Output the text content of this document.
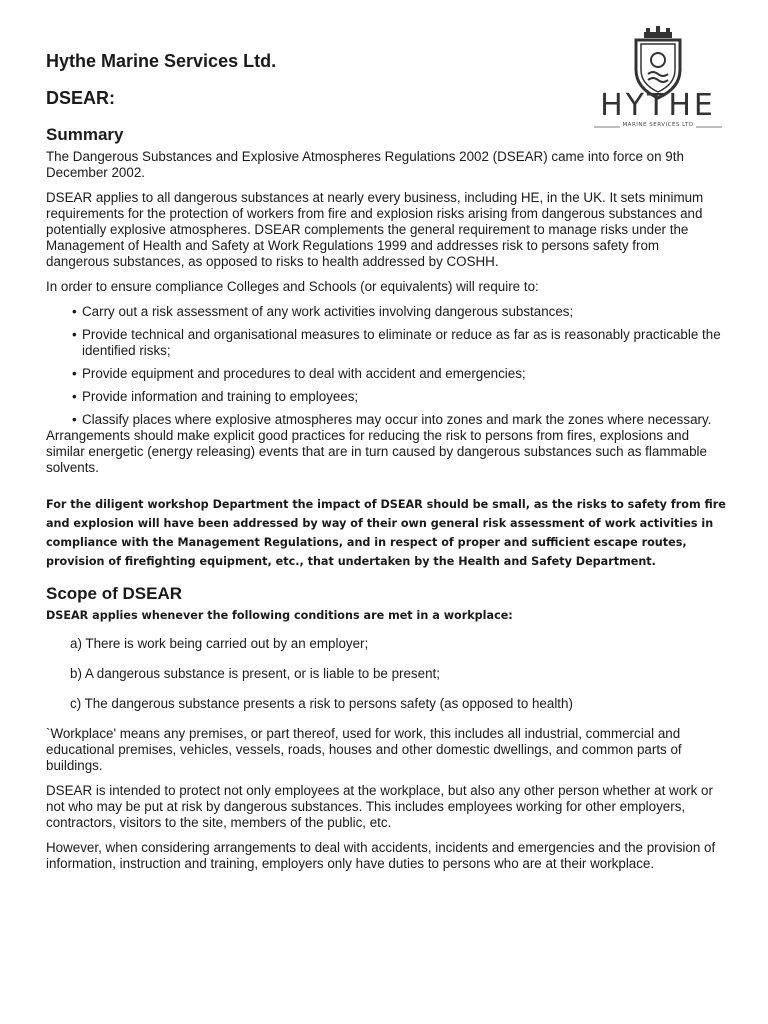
Hythe Marine Services Ltd.
DSEAR:	HYTHE
MARINE SERVICES LTD
Summary

The Dangerous Substances and Explosive Atmospheres Regulations 2002 (DSEAR) came into force on 9th December 2002.

DSEAR applies to all dangerous substances at nearly every business, including HE, in the UK. It sets minimum requirements for the protection of workers from fire and explosion risks arising from dangerous substances and potentially explosive atmospheres. DSEAR complements the general requirement to manage risks under the Management of Health and Safety at Work Regulations 1999 and addresses risk to persons safety from dangerous substances, as opposed to risks to health addressed by COSHH.

In order to ensure compliance Colleges and Schools (or equivalents) will require to:

• Carry out a risk assessment of any work activities involving dangerous substances;
• Provide technical and organisational measures to eliminate or reduce as far as is reasonably practicable the identified risks;
• Provide equipment and procedures to deal with accident and emergencies;
• Provide information and training to employees;
• Classify places where explosive atmospheres may occur into zones and mark the zones where necessary.

Arrangements should make explicit good practices for reducing the risk to persons from fires, explosions and similar energetic (energy releasing) events that are in turn caused by dangerous substances such as flammable solvents.

For the diligent workshop Department the impact of DSEAR should be small, as the risks to safety from fire and explosion will have been addressed by way of their own general risk assessment of work activities in compliance with the Management Regulations, and in respect of proper and sufficient escape routes, provision of firefighting equipment, etc., that undertaken by the Health and Safety Department.

Scope of DSEAR

DSEAR applies whenever the following conditions are met in a workplace:

a) There is work being carried out by an employer;
b) A dangerous substance is present, or is liable to be present;
c) The dangerous substance presents a risk to persons safety (as opposed to health)

`Workplace' means any premises, or part thereof, used for work, this includes all industrial, commercial and educational premises, vehicles, vessels, roads, houses and other domestic dwellings, and common parts of buildings.

DSEAR is intended to protect not only employees at the workplace, but also any other person whether at work or not who may be put at risk by dangerous substances. This includes employees working for other employers, contractors, visitors to the site, members of the public, etc.

However, when considering arrangements to deal with accidents, incidents and emergencies and the provision of information, instruction and training, employers only have duties to persons who are at their workplace.
